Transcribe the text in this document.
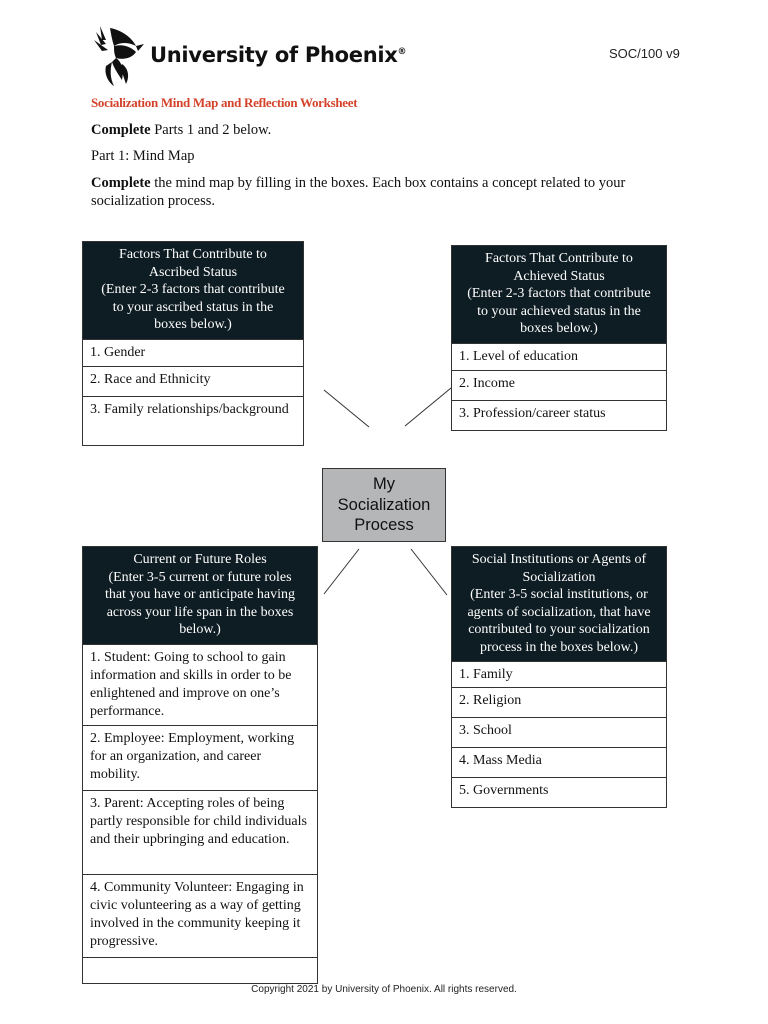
University of Phoenix®	SOC/100 v9
Socialization Mind Map and Reflection Worksheet
Complete Parts 1 and 2 below.
Part 1: Mind Map
Complete the mind map by filling in the boxes. Each box contains a concept related to your socialization process.
Factors That Contribute to
Ascribed Status
(Enter 2-3 factors that contribute
to your ascribed status in the
boxes below.)
1. Gender
2. Race and Ethnicity
3. Family relationships/background
Factors That Contribute to
Achieved Status
(Enter 2-3 factors that contribute
to your achieved status in the
boxes below.)
1. Level of education
2. Income
3. Profession/career status
My
Socialization
Process
Current or Future Roles
(Enter 3-5 current or future roles
that you have or anticipate having
across your life span in the boxes
below.)
1. Student: Going to school to gain information and skills in order to be enlightened and improve on one’s performance.
2. Employee: Employment, working for an organization, and career mobility.
3. Parent: Accepting roles of being partly responsible for child individuals and their upbringing and education.
4. Community Volunteer: Engaging in civic volunteering as a way of getting involved in the community keeping it progressive.
Social Institutions or Agents of
Socialization
(Enter 3-5 social institutions, or
agents of socialization, that have
contributed to your socialization
process in the boxes below.)
1. Family
2. Religion
3. School
4. Mass Media
5. Governments
Copyright 2021 by University of Phoenix. All rights reserved.
